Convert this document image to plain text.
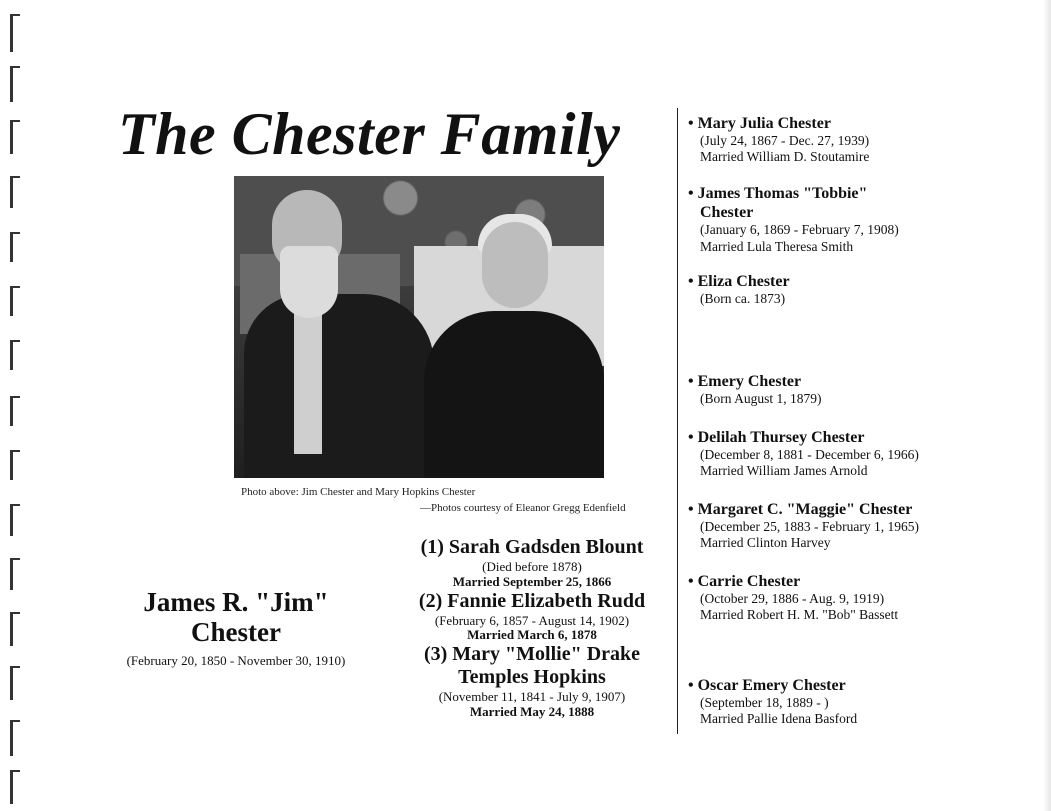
The Chester Family
Photo above: Jim Chester and Mary Hopkins Chester
—Photos courtesy of Eleanor Gregg Edenfield
James R. "Jim"
Chester
(February 20, 1850 - November 30, 1910)
(1) Sarah Gadsden Blount
(Died before 1878)
Married September 25, 1866
(2) Fannie Elizabeth Rudd
(February 6, 1857 - August 14, 1902)
Married March 6, 1878
(3) Mary "Mollie" Drake
Temples Hopkins
(November 11, 1841 - July 9, 1907)
Married May 24, 1888
• Mary Julia Chester
(July 24, 1867 - Dec. 27, 1939)
Married William D. Stoutamire
• James Thomas "Tobbie"
Chester
(January 6, 1869 - February 7, 1908)
Married Lula Theresa Smith
• Eliza Chester
(Born ca. 1873)
• Emery Chester
(Born August 1, 1879)
• Delilah Thursey Chester
(December 8, 1881 - December 6, 1966)
Married William James Arnold
• Margaret C. "Maggie" Chester
(December 25, 1883 - February 1, 1965)
Married Clinton Harvey
• Carrie Chester
(October 29, 1886 - Aug. 9, 1919)
Married Robert H. M. "Bob" Bassett
• Oscar Emery Chester
(September 18, 1889 - )
Married Pallie Idena Basford
